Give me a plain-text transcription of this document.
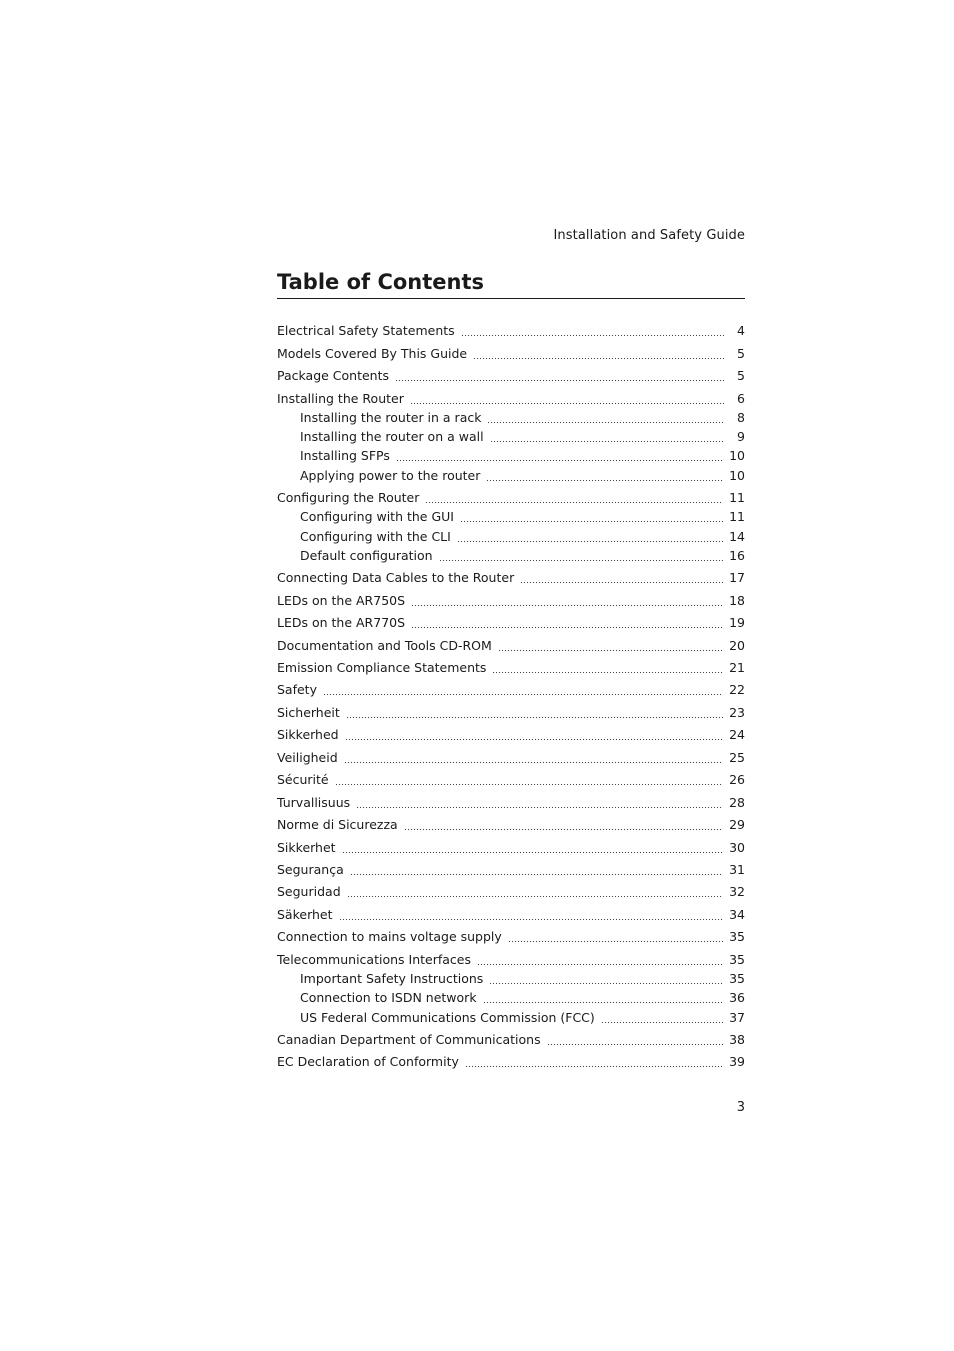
Installation and Safety Guide
Table of Contents
Electrical Safety Statements	4
Models Covered By This Guide	5
Package Contents	5
Installing the Router	6
Installing the router in a rack	8
Installing the router on a wall	9
Installing SFPs	10
Applying power to the router	10
Configuring the Router	11
Configuring with the GUI	11
Configuring with the CLI	14
Default configuration	16
Connecting Data Cables to the Router	17
LEDs on the AR750S	18
LEDs on the AR770S	19
Documentation and Tools CD-ROM	20
Emission Compliance Statements	21
Safety	22
Sicherheit	23
Sikkerhed	24
Veiligheid	25
Sécurité	26
Turvallisuus	28
Norme di Sicurezza	29
Sikkerhet	30
Segurança	31
Seguridad	32
Säkerhet	34
Connection to mains voltage supply	35
Telecommunications Interfaces	35
Important Safety Instructions	35
Connection to ISDN network	36
US Federal Communications Commission (FCC)	37
Canadian Department of Communications	38
EC Declaration of Conformity	39
3
